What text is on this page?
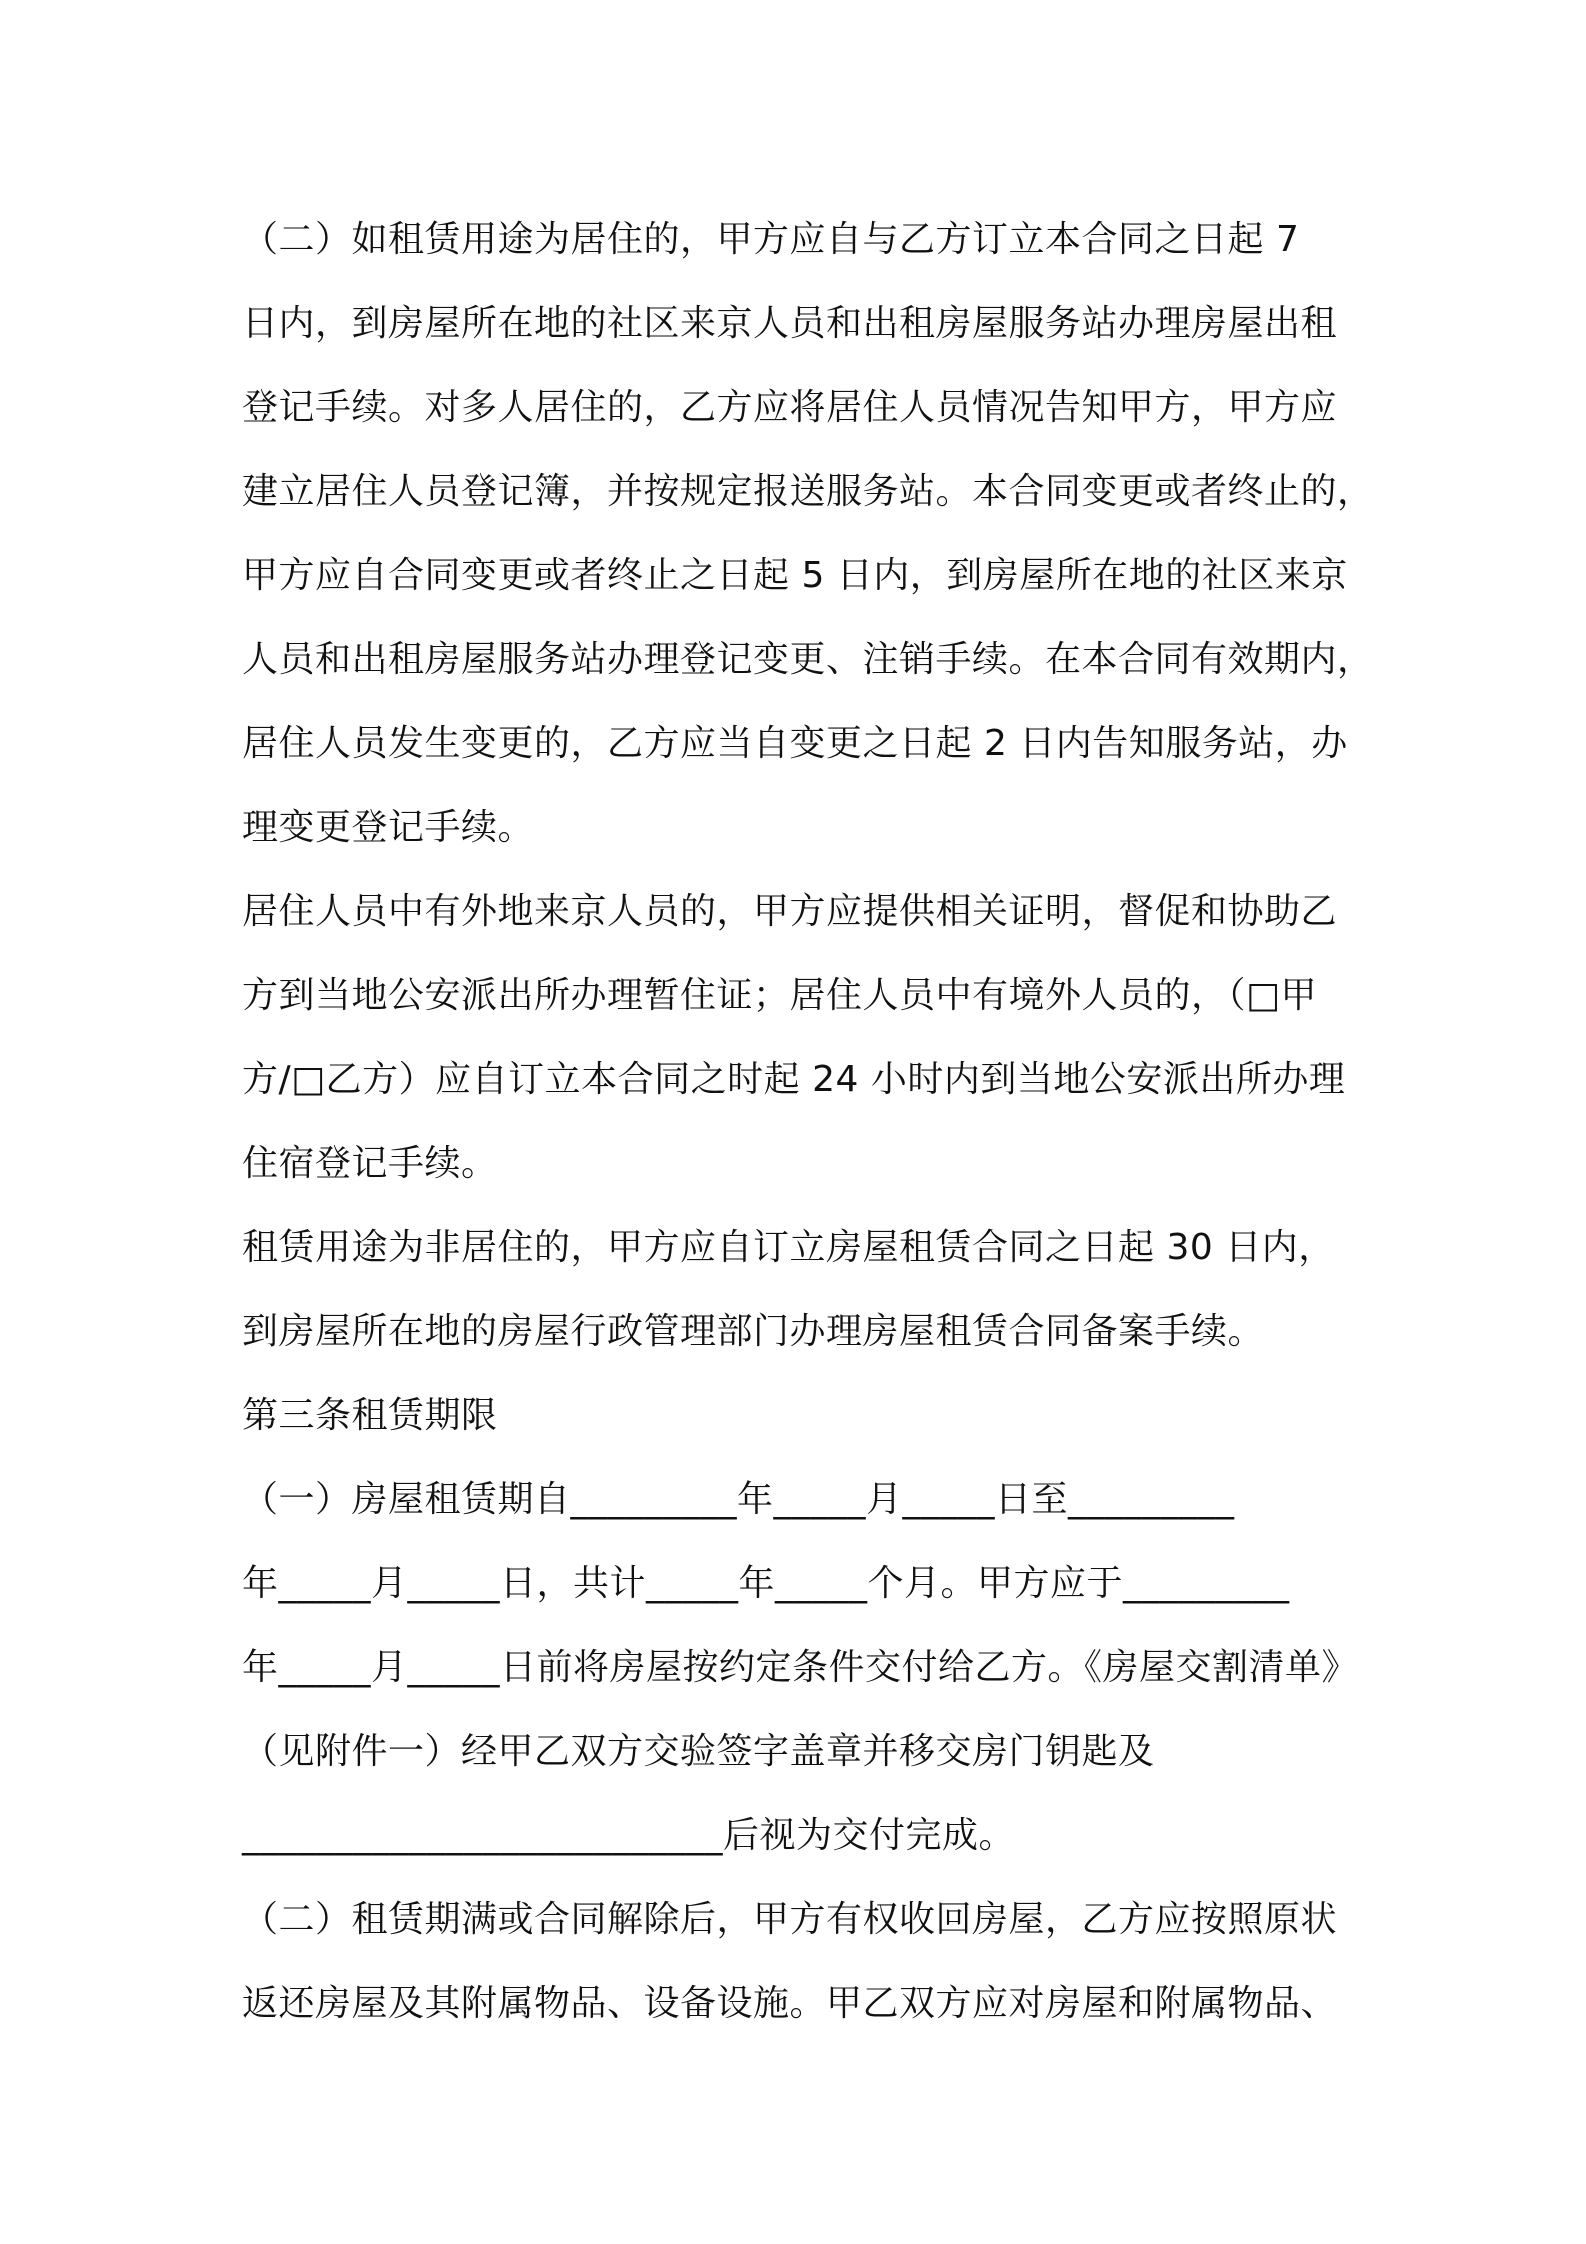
（二）如租赁用途为居住的，甲方应自与乙方订立本合同之日起 7
日内，到房屋所在地的社区来京人员和出租房屋服务站办理房屋出租
登记手续。对多人居住的，乙方应将居住人员情况告知甲方，甲方应
建立居住人员登记簿，并按规定报送服务站。本合同变更或者终止的，
甲方应自合同变更或者终止之日起 5 日内，到房屋所在地的社区来京
人员和出租房屋服务站办理登记变更、注销手续。在本合同有效期内，
居住人员发生变更的，乙方应当自变更之日起 2 日内告知服务站，办
理变更登记手续。
居住人员中有外地来京人员的，甲方应提供相关证明，督促和协助乙
方到当地公安派出所办理暂住证；居住人员中有境外人员的，（□甲
方/□乙方）应自订立本合同之时起 24 小时内到当地公安派出所办理
住宿登记手续。
租赁用途为非居住的，甲方应自订立房屋租赁合同之日起 30 日内，
到房屋所在地的房屋行政管理部门办理房屋租赁合同备案手续。
第三条租赁期限
（一）房屋租赁期自_________年_____月_____日至_________
年_____月_____日，共计_____年_____个月。甲方应于_________
年_____月_____日前将房屋按约定条件交付给乙方。《房屋交割清单》
（见附件一）经甲乙双方交验签字盖章并移交房门钥匙及
__________________________后视为交付完成。
（二）租赁期满或合同解除后，甲方有权收回房屋，乙方应按照原状
返还房屋及其附属物品、设备设施。甲乙双方应对房屋和附属物品、
